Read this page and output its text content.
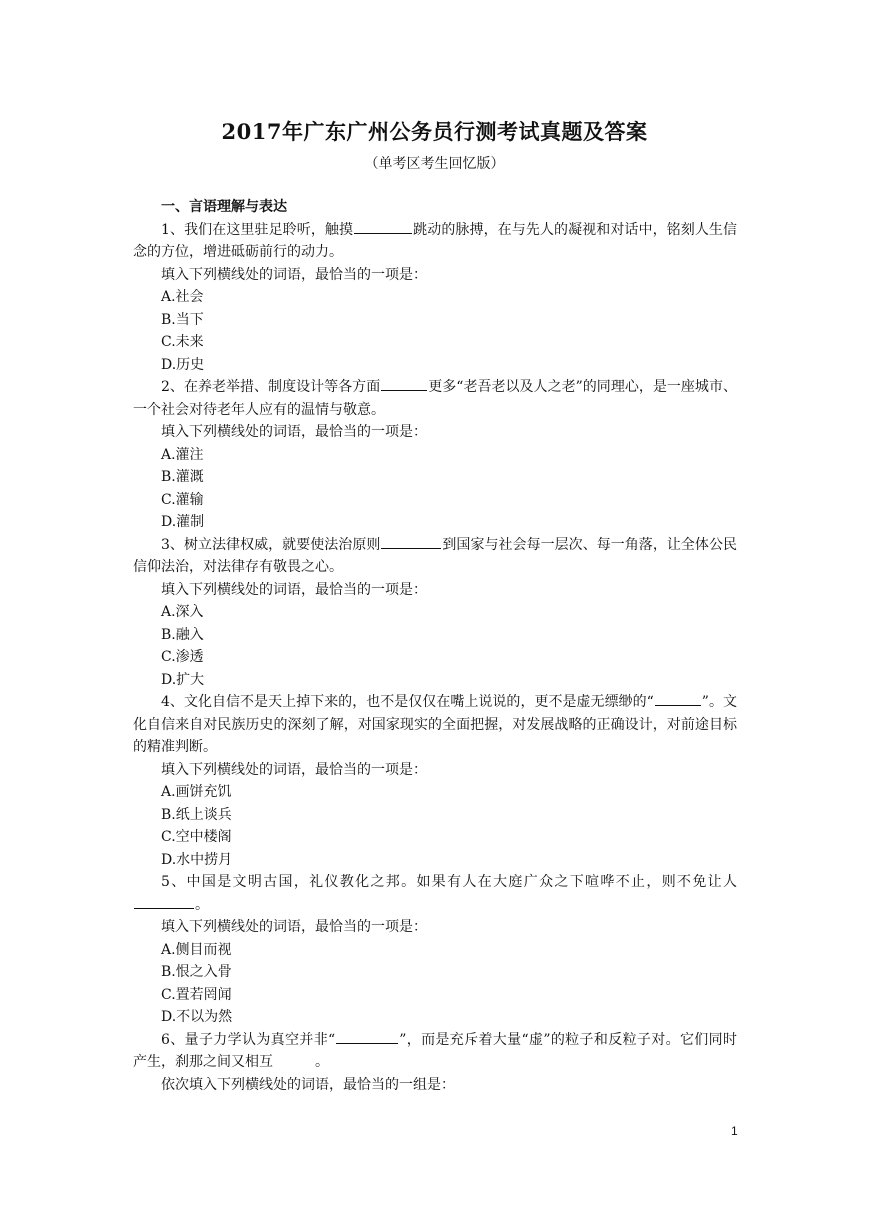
2017年广东广州公务员行测考试真题及答案
（单考区考生回忆版）
一、言语理解与表达
1、我们在这里驻足聆听，触摸	跳动的脉搏，在与先人的凝视和对话中，铭刻人生信念的方位，增进砥砺前行的动力。
填入下列横线处的词语，最恰当的一项是：
A.社会
B.当下
C.未来
D.历史
2、在养老举措、制度设计等各方面	更多“老吾老以及人之老”的同理心，是一座城市、一个社会对待老年人应有的温情与敬意。
填入下列横线处的词语，最恰当的一项是：
A.灌注
B.灌溉
C.灌输
D.灌制
3、树立法律权威，就要使法治原则	到国家与社会每一层次、每一角落，让全体公民信仰法治，对法律存有敬畏之心。
填入下列横线处的词语，最恰当的一项是：
A.深入
B.融入
C.渗透
D.扩大
4、文化自信不是天上掉下来的，也不是仅仅在嘴上说说的，更不是虚无缥缈的“	”。文化自信来自对民族历史的深刻了解，对国家现实的全面把握，对发展战略的正确设计，对前途目标的精准判断。
填入下列横线处的词语，最恰当的一项是：
A.画饼充饥
B.纸上谈兵
C.空中楼阁
D.水中捞月
5、中国是文明古国，礼仪教化之邦。如果有人在大庭广众之下喧哗不止，则不免让人。
填入下列横线处的词语，最恰当的一项是：
A.侧目而视
B.恨之入骨
C.置若罔闻
D.不以为然
6、量子力学认为真空并非“	”，而是充斥着大量“虚”的粒子和反粒子对。它们同时产生，刹那之间又相互	。
依次填入下列横线处的词语，最恰当的一组是：
1
